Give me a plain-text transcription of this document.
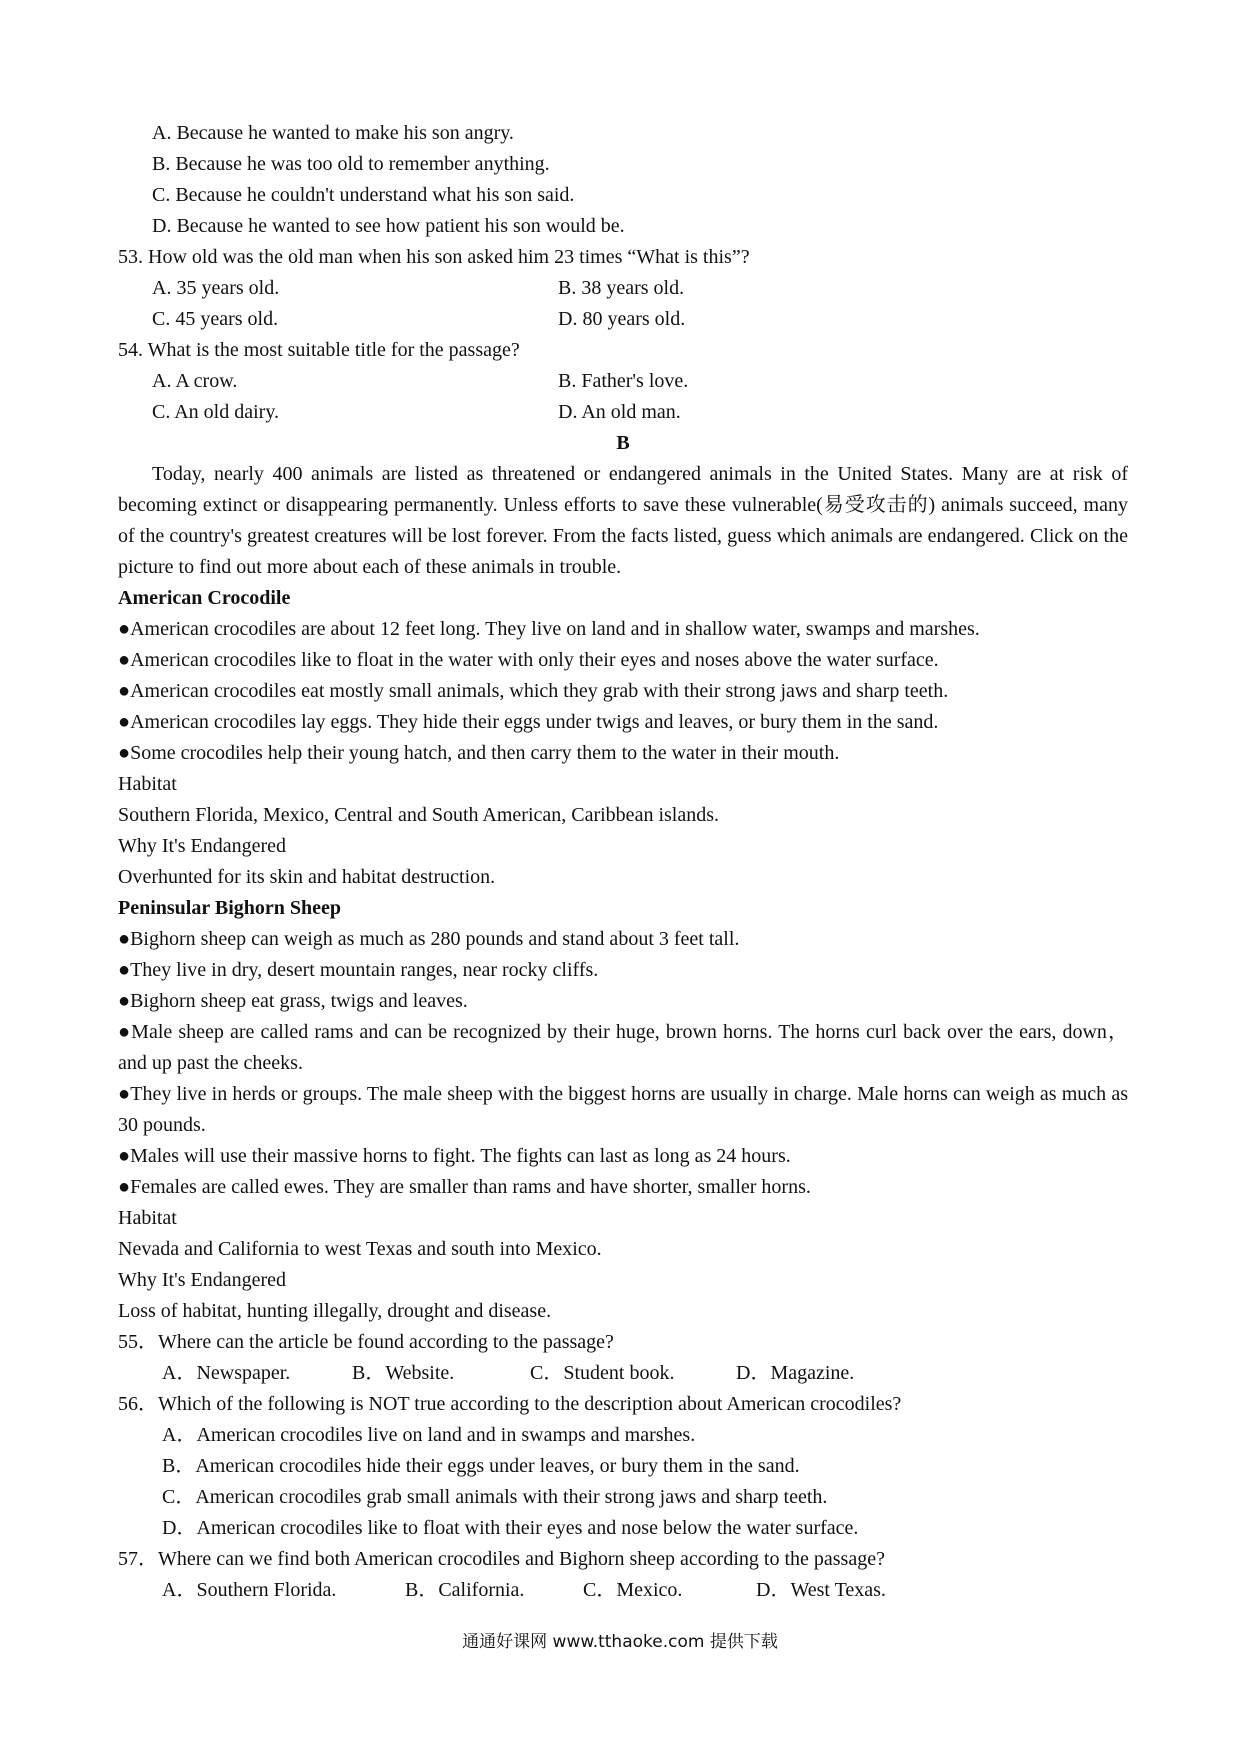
A. Because he wanted to make his son angry.
B. Because he was too old to remember anything.
C. Because he couldn't understand what his son said.
D. Because he wanted to see how patient his son would be.
53. How old was the old man when his son asked him 23 times “What is this”?
A. 35 years old.	B. 38 years old.
C. 45 years old.	D. 80 years old.
54. What is the most suitable title for the passage?
A. A crow.	B. Father's love.
C. An old dairy.	D. An old man.
B
Today, nearly 400 animals are listed as threatened or endangered animals in the United States. Many are at risk of becoming extinct or disappearing permanently. Unless efforts to save these vulnerable(易受攻击的) animals succeed, many of the country's greatest creatures will be lost forever. From the facts listed, guess which animals are endangered. Click on the picture to find out more about each of these animals in trouble.
American Crocodile
●American crocodiles are about 12 feet long. They live on land and in shallow water, swamps and marshes.
●American crocodiles like to float in the water with only their eyes and noses above the water surface.
●American crocodiles eat mostly small animals, which they grab with their strong jaws and sharp teeth.
●American crocodiles lay eggs. They hide their eggs under twigs and leaves, or bury them in the sand.
●Some crocodiles help their young hatch, and then carry them to the water in their mouth.
Habitat
Southern Florida, Mexico, Central and South American, Caribbean islands.
Why It's Endangered
Overhunted for its skin and habitat destruction.
Peninsular Bighorn Sheep
●Bighorn sheep can weigh as much as 280 pounds and stand about 3 feet tall.
●They live in dry, desert mountain ranges, near rocky cliffs.
●Bighorn sheep eat grass, twigs and leaves.
●Male sheep are called rams and can be recognized by their huge, brown horns. The horns curl back over the ears, down，and up past the cheeks.
●They live in herds or groups. The male sheep with the biggest horns are usually in charge. Male horns can weigh as much as 30 pounds.
●Males will use their massive horns to fight. The fights can last as long as 24 hours.
●Females are called ewes. They are smaller than rams and have shorter, smaller horns.
Habitat
Nevada and California to west Texas and south into Mexico.
Why It's Endangered
Loss of habitat, hunting illegally, drought and disease.
55．Where can the article be found according to the passage?
A．Newspaper.	B．Website.	C．Student book.	D．Magazine.
56．Which of the following is NOT true according to the description about American crocodiles?
A．American crocodiles live on land and in swamps and marshes.
B．American crocodiles hide their eggs under leaves, or bury them in the sand.
C．American crocodiles grab small animals with their strong jaws and sharp teeth.
D．American crocodiles like to float with their eyes and nose below the water surface.
57．Where can we find both American crocodiles and Bighorn sheep according to the passage?
A．Southern Florida.	B．California.	C．Mexico.	D．West Texas.
通通好课网 www.tthaoke.com 提供下载
